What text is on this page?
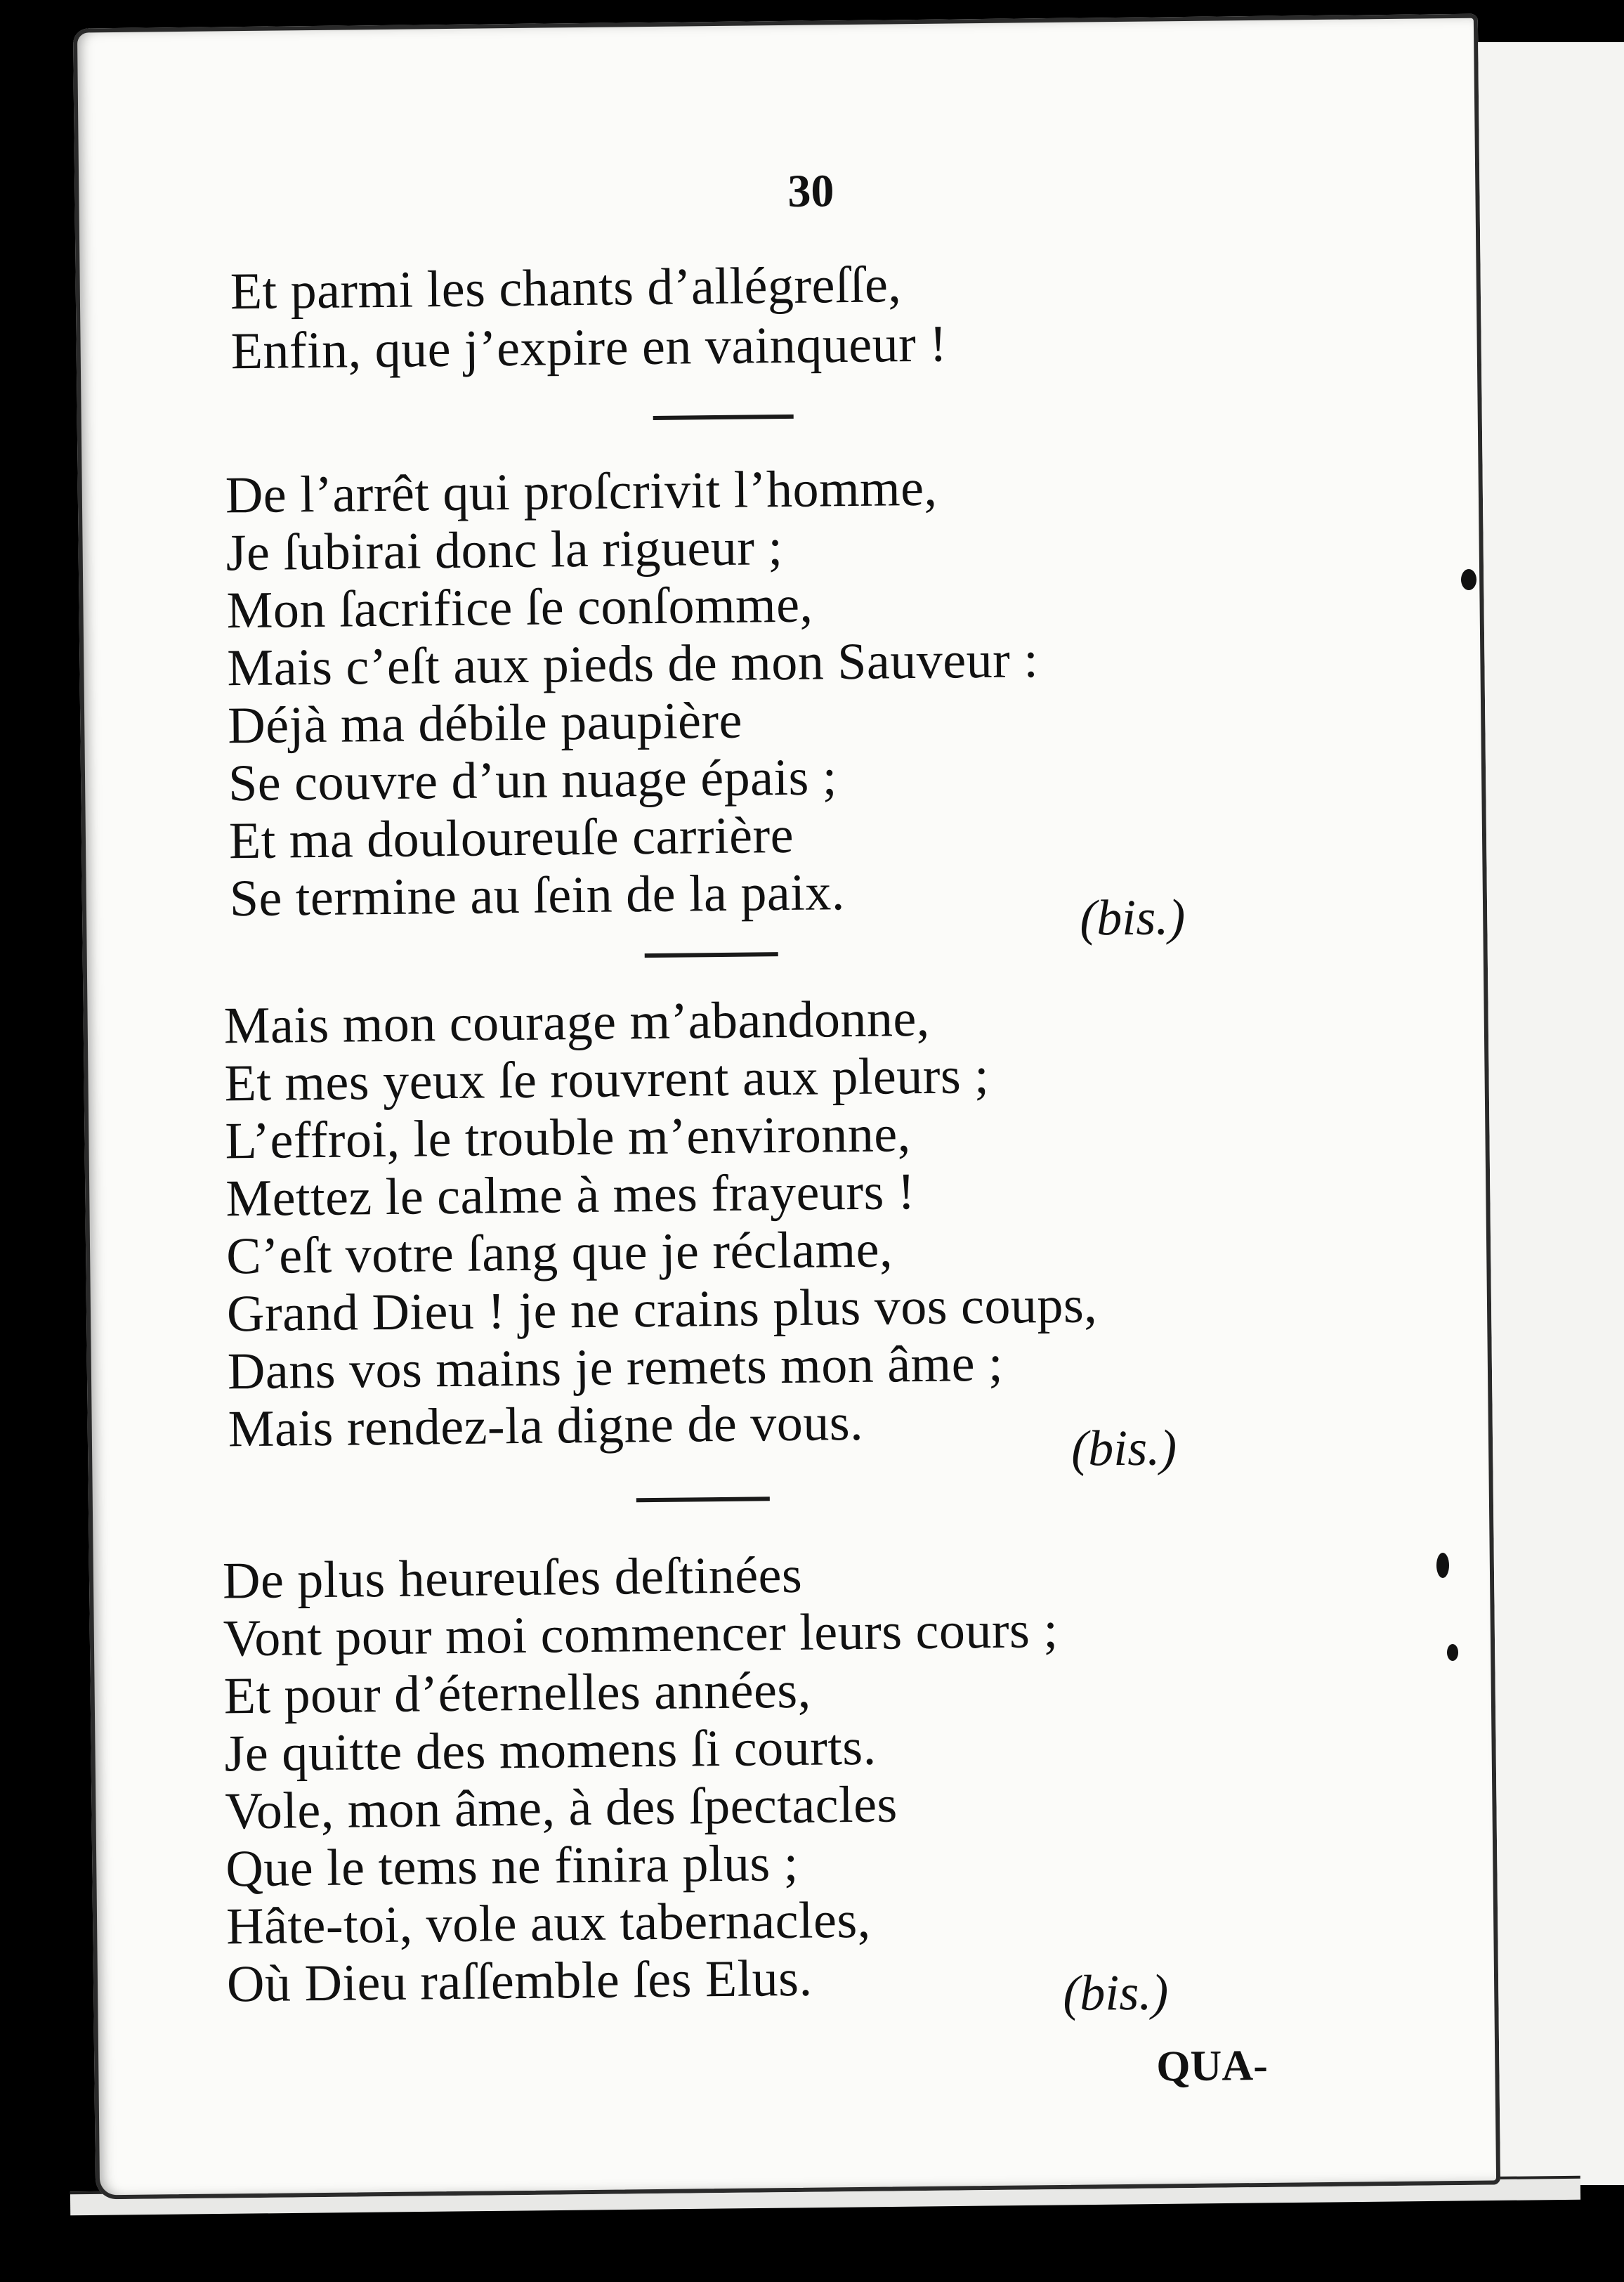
30
Et parmi les chants d’allégreſſe,
Enfin, que j’expire en vainqueur !
De l’arrêt qui proſcrivit l’homme,
Je ſubirai donc la rigueur ;
Mon ſacrifice ſe conſomme,
Mais c’eſt aux pieds de mon Sauveur :
Déjà ma débile paupière
Se couvre d’un nuage épais ;
Et ma douloureuſe carrière
Se termine au ſein de la paix.	(bis.)
Mais mon courage m’abandonne,
Et mes yeux ſe rouvrent aux pleurs ;
L’effroi, le trouble m’environne,
Mettez le calme à mes frayeurs !
C’eſt votre ſang que je réclame,
Grand Dieu ! je ne crains plus vos coups,
Dans vos mains je remets mon âme ;
Mais rendez-la digne de vous.	(bis.)
De plus heureuſes deſtinées
Vont pour moi commencer leurs cours ;
Et pour d’éternelles années,
Je quitte des momens ſi courts.
Vole, mon âme, à des ſpectacles
Que le tems ne finira plus ;
Hâte-toi, vole aux tabernacles,
Où Dieu raſſemble ſes Elus.	(bis.)
QUA-
